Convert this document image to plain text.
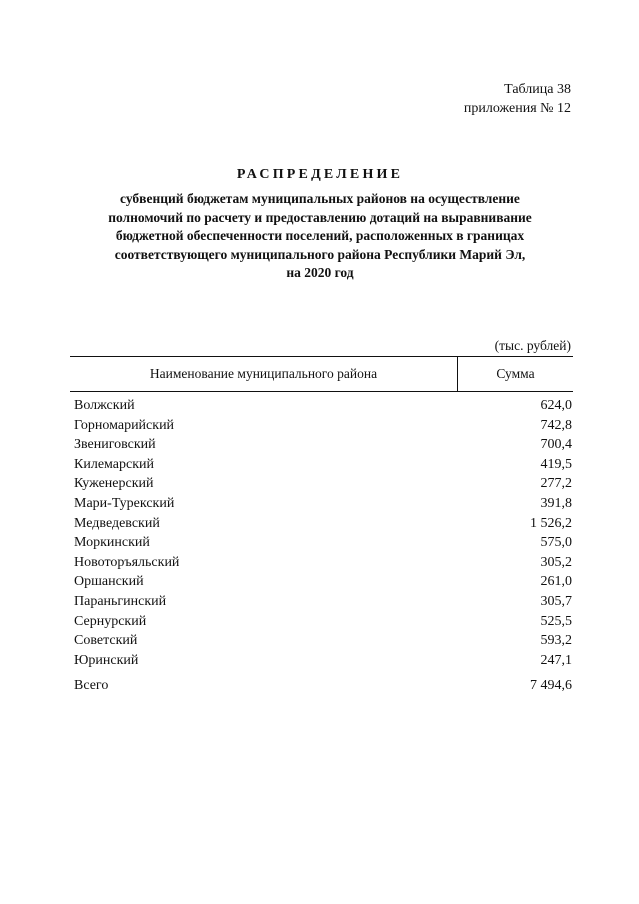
Таблица 38
приложения № 12
РАСПРЕДЕЛЕНИЕ
субвенций бюджетам муниципальных районов на осуществление
полномочий по расчету и предоставлению дотаций на выравнивание
бюджетной обеспеченности поселений, расположенных в границах
соответствующего муниципального района Республики Марий Эл,
на 2020 год
(тыс. рублей)
Наименование муниципального района	Сумма
Волжский	624,0
Горномарийский	742,8
Звениговский	700,4
Килемарский	419,5
Куженерский	277,2
Мари-Турекский	391,8
Медведевский	1 526,2
Моркинский	575,0
Новоторъяльский	305,2
Оршанский	261,0
Параньгинский	305,7
Сернурский	525,5
Советский	593,2
Юринский	247,1
Всего	7 494,6
